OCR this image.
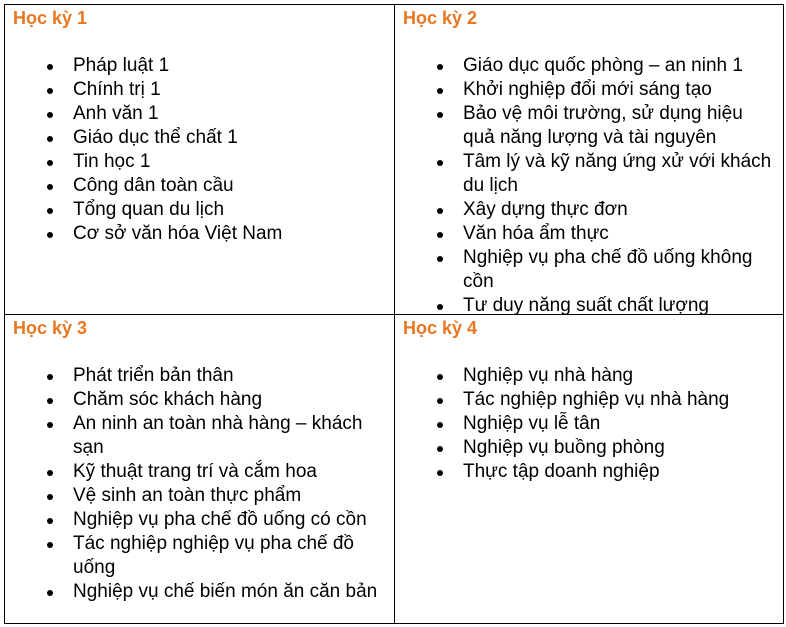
Học kỳ 1
Pháp luật 1
Chính trị 1
Anh văn 1
Giáo dục thể chất 1
Tin học 1
Công dân toàn cầu
Tổng quan du lịch
Cơ sở văn hóa Việt Nam
Học kỳ 2
Giáo dục quốc phòng – an ninh 1
Khởi nghiệp đổi mới sáng tạo
Bảo vệ môi trường, sử dụng hiệu quả năng lượng và tài nguyên
Tâm lý và kỹ năng ứng xử với khách du lịch
Xây dựng thực đơn
Văn hóa ẩm thực
Nghiệp vụ pha chế đồ uống không cồn
Tư duy năng suất chất lượng
Học kỳ 3
Phát triển bản thân
Chăm sóc khách hàng
An ninh an toàn nhà hàng – khách sạn
Kỹ thuật trang trí và cắm hoa
Vệ sinh an toàn thực phẩm
Nghiệp vụ pha chế đồ uống có cồn
Tác nghiệp nghiệp vụ pha chế đồ uống
Nghiệp vụ chế biến món ăn căn bản
Học kỳ 4
Nghiệp vụ nhà hàng
Tác nghiệp nghiệp vụ nhà hàng
Nghiệp vụ lễ tân
Nghiệp vụ buồng phòng
Thực tập doanh nghiệp
